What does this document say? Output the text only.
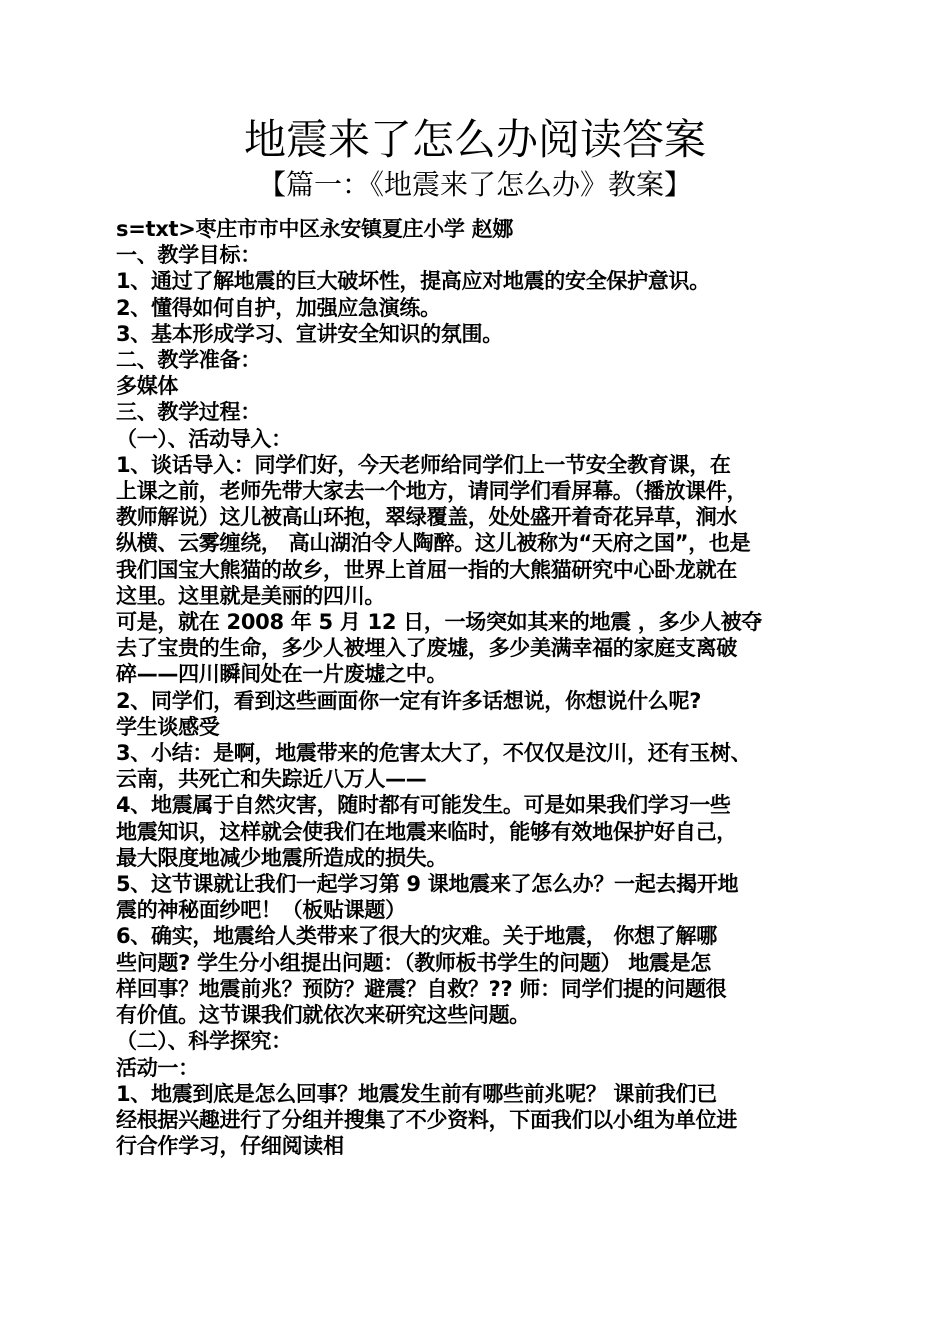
地震来了怎么办阅读答案
【篇一：《地震来了怎么办》教案】
s=txt>枣庄市市中区永安镇夏庄小学 赵娜
一、教学目标：
1、通过了解地震的巨大破坏性，提高应对地震的安全保护意识。
2、懂得如何自护，加强应急演练。
3、基本形成学习、宣讲安全知识的氛围。
二、教学准备：
多媒体
三、教学过程：
（一）、活动导入：
1、谈话导入：同学们好，今天老师给同学们上一节安全教育课，在
上课之前，老师先带大家去一个地方，请同学们看屏幕。（播放课件，
教师解说）这儿被高山环抱，翠绿覆盖，处处盛开着奇花异草，涧水
纵横、云雾缠绕， 高山湖泊令人陶醉。这儿被称为“天府之国”，也是
我们国宝大熊猫的故乡，世界上首屈一指的大熊猫研究中心卧龙就在
这里。这里就是美丽的四川。
可是，就在 2008 年 5 月 12 日，一场突如其来的地震 ，多少人被夺
去了宝贵的生命，多少人被埋入了废墟，多少美满幸福的家庭支离破
碎——四川瞬间处在一片废墟之中。
2、同学们，看到这些画面你一定有许多话想说，你想说什么呢?
学生谈感受
3、小结：是啊，地震带来的危害太大了，不仅仅是汶川，还有玉树、
云南，共死亡和失踪近八万人——
4、地震属于自然灾害，随时都有可能发生。可是如果我们学习一些
地震知识，这样就会使我们在地震来临时，能够有效地保护好自己，
最大限度地减少地震所造成的损失。
5、这节课就让我们一起学习第 9 课地震来了怎么办？一起去揭开地
震的神秘面纱吧！（板贴课题）
6、确实，地震给人类带来了很大的灾难。关于地震， 你想了解哪
些问题? 学生分小组提出问题：（教师板书学生的问题） 地震是怎
样回事？地震前兆？预防？避震？自救？?? 师：同学们提的问题很
有价值。这节课我们就依次来研究这些问题。
（二）、科学探究：
活动一：
1、地震到底是怎么回事？地震发生前有哪些前兆呢？ 课前我们已
经根据兴趣进行了分组并搜集了不少资料，下面我们以小组为单位进
行合作学习，仔细阅读相
